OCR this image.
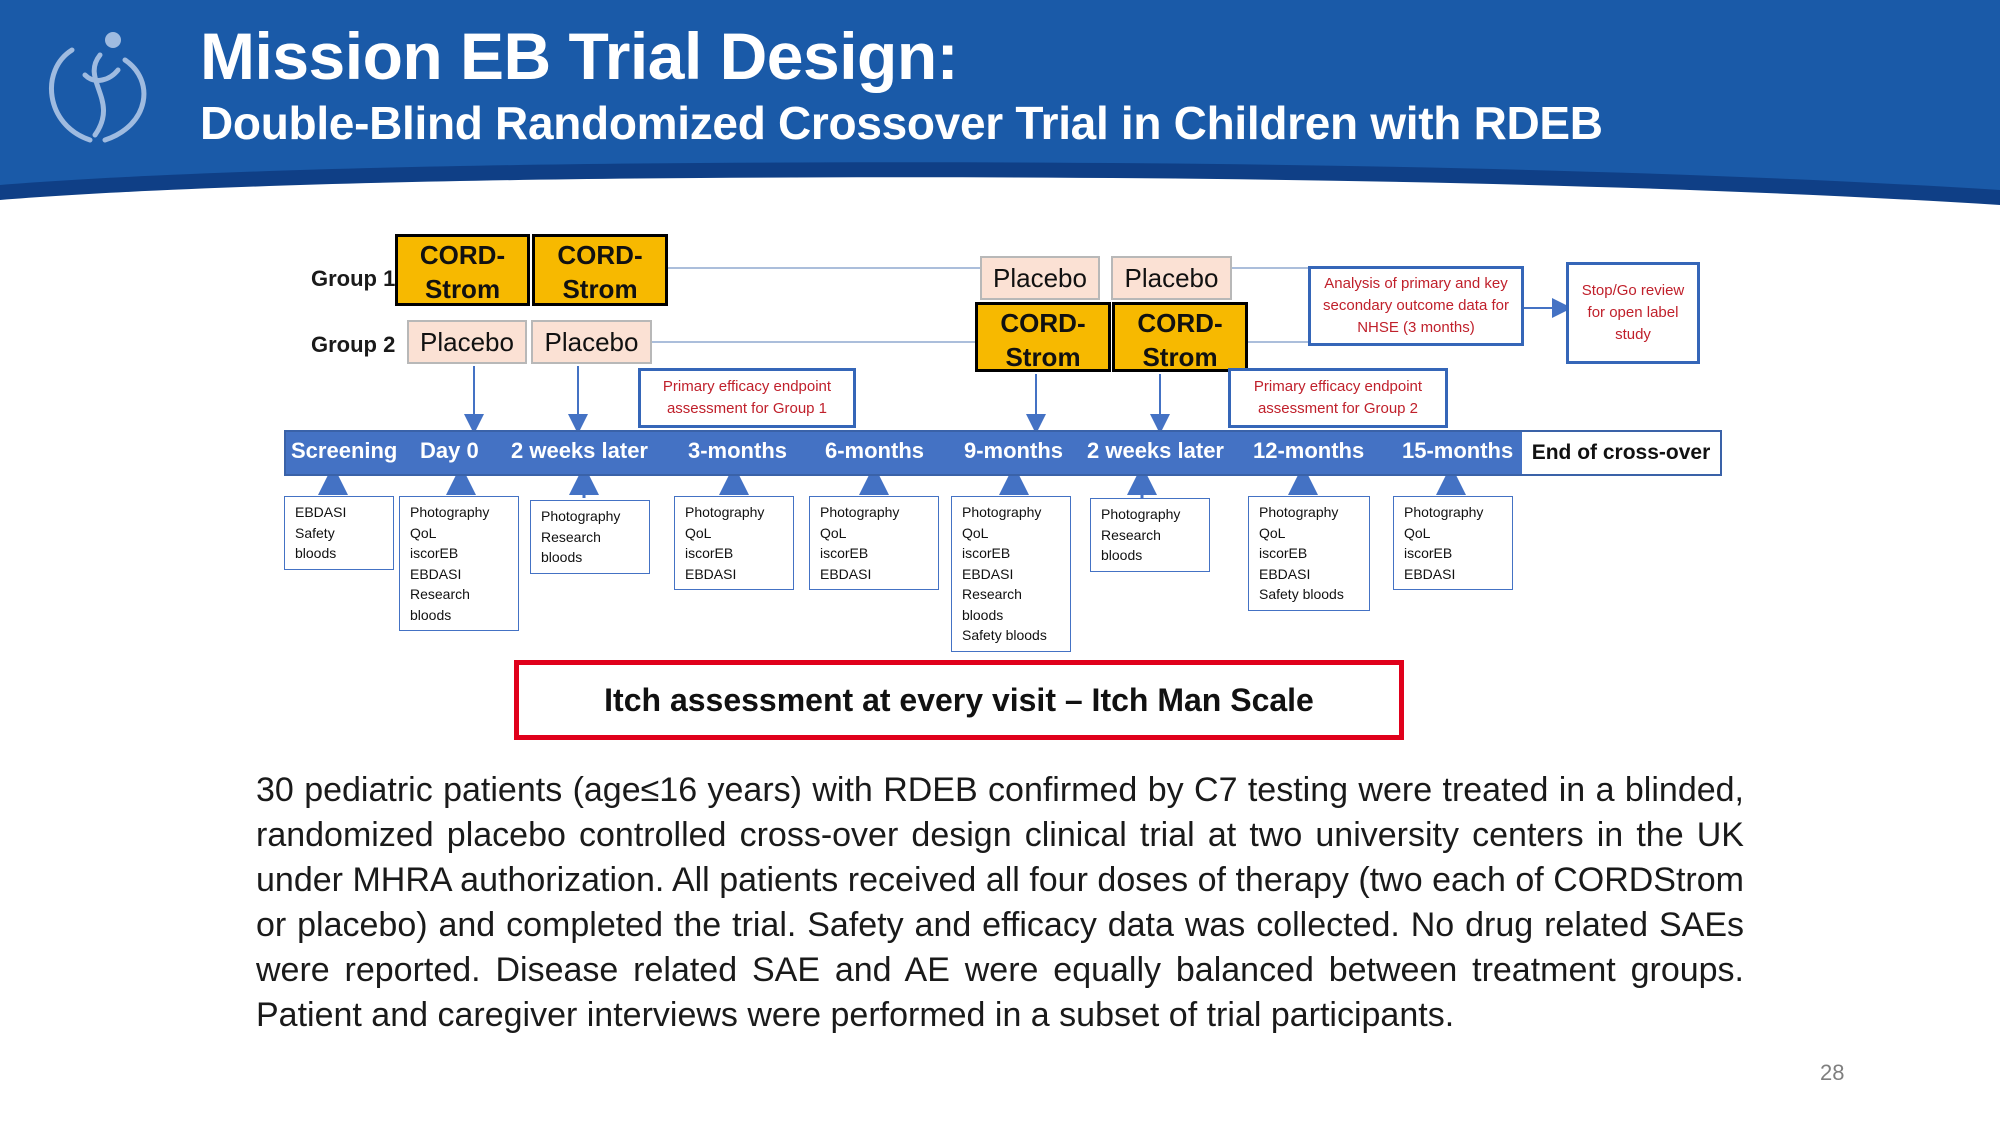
Mission EB Trial Design:
Double-Blind Randomized Crossover Trial in Children with RDEB
Group 1
Group 2
CORD-
Strom
CORD-
Strom
Placebo	Placebo
Placebo	Placebo
CORD-
Strom
CORD-
Strom
Primary efficacy endpoint assessment for Group 1
Primary efficacy endpoint assessment for Group 2
Analysis of primary and key secondary outcome data for NHSE (3 months)
Stop/Go review for open label study
Screening Day 0 2 weeks later 3-months 6-months 9-months 2 weeks later 12-months 15-months End of cross-over
EBDASI
Safety
bloods
Photography
QoL
iscorEB
EBDASI
Research
bloods
Photography
Research
bloods
Photography
QoL
iscorEB
EBDASI
Photography
QoL
iscorEB
EBDASI
Photography
QoL
iscorEB
EBDASI
Research
bloods
Safety bloods
Photography
Research
bloods
Photography
QoL
iscorEB
EBDASI
Safety bloods
Photography
QoL
iscorEB
EBDASI
Itch assessment at every visit – Itch Man Scale
30 pediatric patients (age≤16 years) with RDEB confirmed by C7 testing were treated in a blinded, randomized placebo controlled cross-over design clinical trial at two university centers in the UK under MHRA authorization. All patients received all four doses of therapy (two each of CORDStrom or placebo) and completed the trial. Safety and efficacy data was collected. No drug related SAEs were reported. Disease related SAE and AE were equally balanced between treatment groups. Patient and caregiver interviews were performed in a subset of trial participants.
28
